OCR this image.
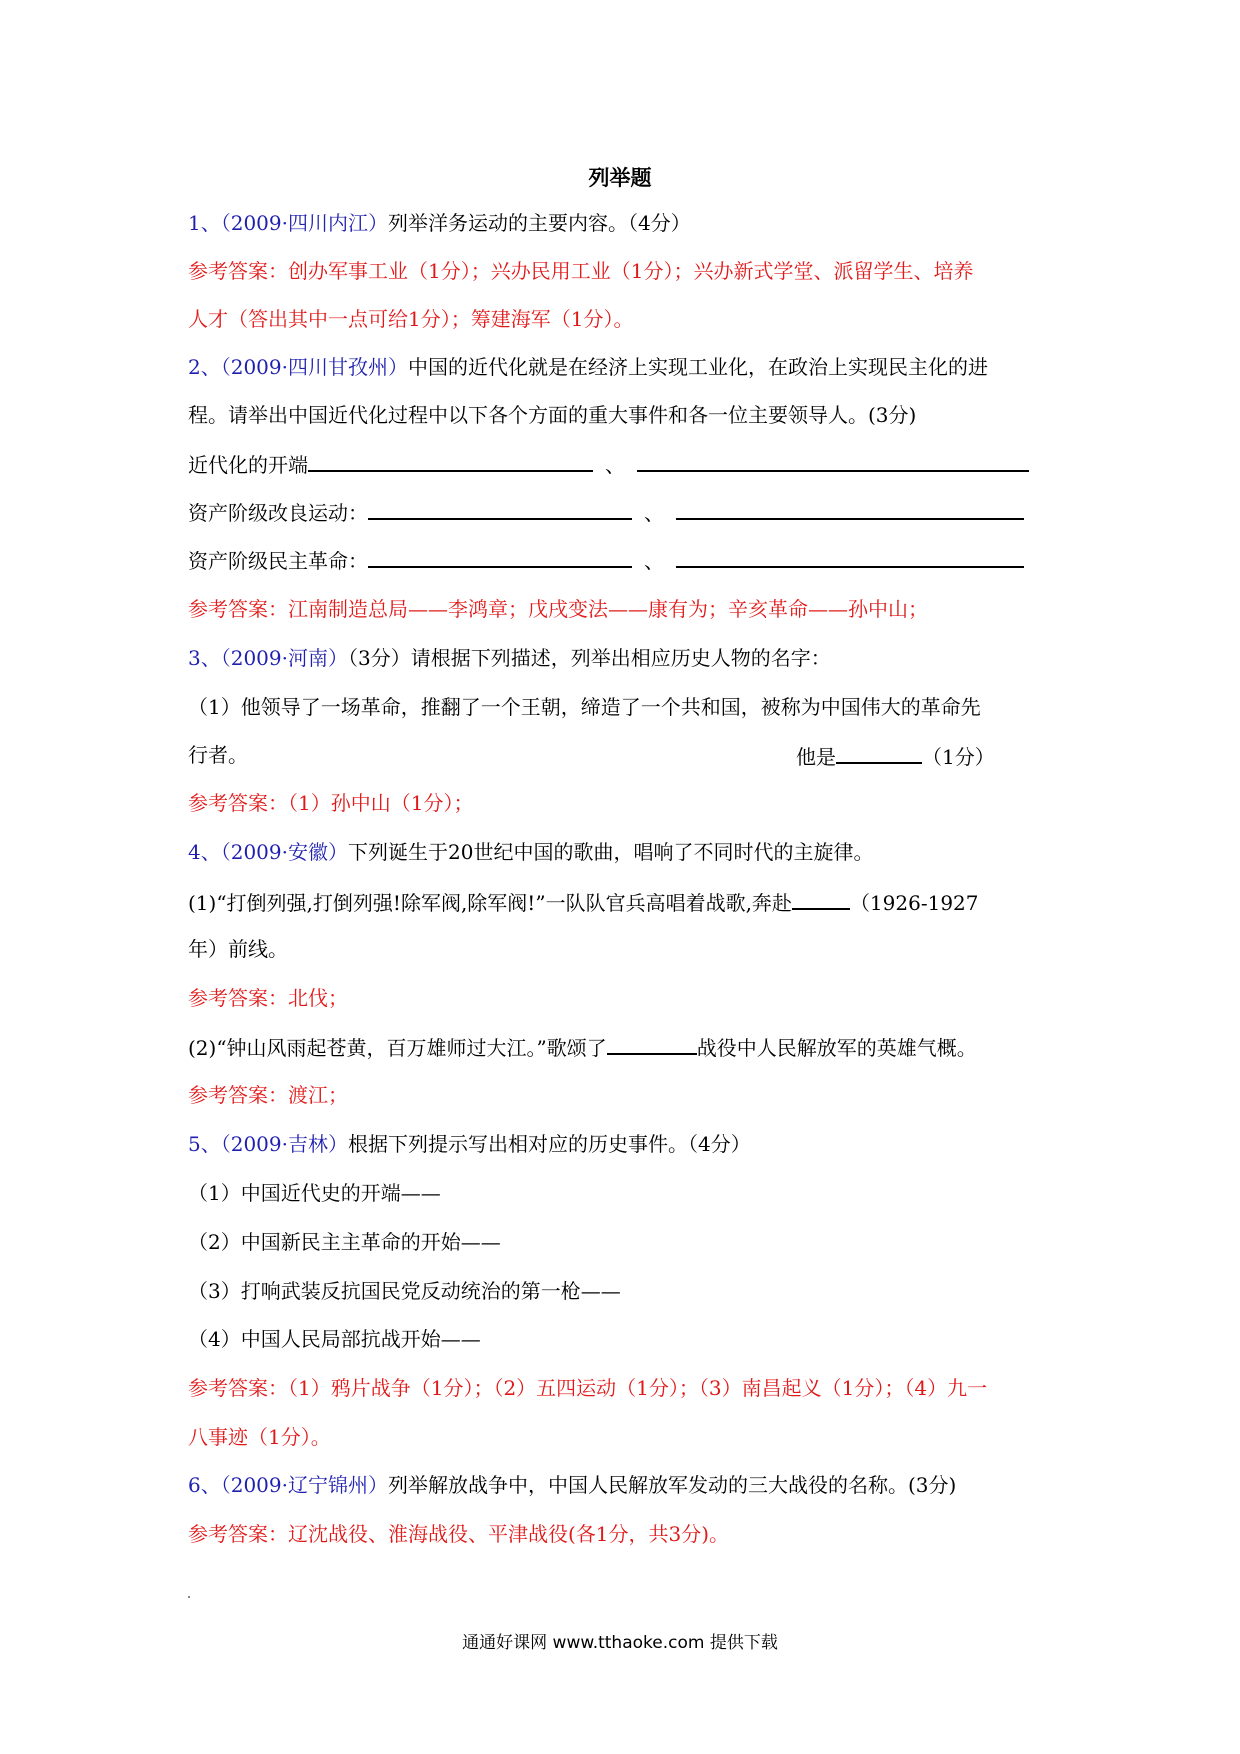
列举题
1、（2009·四川内江）列举洋务运动的主要内容。（4分）
参考答案：创办军事工业（1分）；兴办民用工业（1分）；兴办新式学堂、派留学生、培养
人才（答出其中一点可给1分）；筹建海军（1分）。
2、（2009·四川甘孜州）中国的近代化就是在经济上实现工业化，在政治上实现民主化的进
程。请举出中国近代化过程中以下各个方面的重大事件和各一位主要领导人。(3分)
近代化的开端	、
资产阶级改良运动：	、
资产阶级民主革命：	、
参考答案：江南制造总局——李鸿章；戊戌变法——康有为；辛亥革命——孙中山；
3、（2009·河南）（3分）请根据下列描述，列举出相应历史人物的名字：
（1）他领导了一场革命，推翻了一个王朝，缔造了一个共和国，被称为中国伟大的革命先
行者。	他是	（1分）
参考答案：（1）孙中山（1分）；
4、（2009·安徽）下列诞生于20世纪中国的歌曲，唱响了不同时代的主旋律。
(1)“打倒列强,打倒列强!除军阀,除军阀!”一队队官兵高唱着战歌,奔赴	（1926-1927
年）前线。
参考答案：北伐；
(2)“钟山风雨起苍黄，百万雄师过大江。”歌颂了	战役中人民解放军的英雄气概。
参考答案：渡江；
5、（2009·吉林）根据下列提示写出相对应的历史事件。（4分）
（1）中国近代史的开端——
（2）中国新民主主革命的开始——
（3）打响武装反抗国民党反动统治的第一枪——
（4）中国人民局部抗战开始——
参考答案：（1）鸦片战争（1分）；（2）五四运动（1分）；（3）南昌起义（1分）；（4）九一
八事迹（1分）。
6、（2009·辽宁锦州）列举解放战争中，中国人民解放军发动的三大战役的名称。(3分)
参考答案：辽沈战役、淮海战役、平津战役(各1分，共3分)。
通通好课网 www.tthaoke.com 提供下载
